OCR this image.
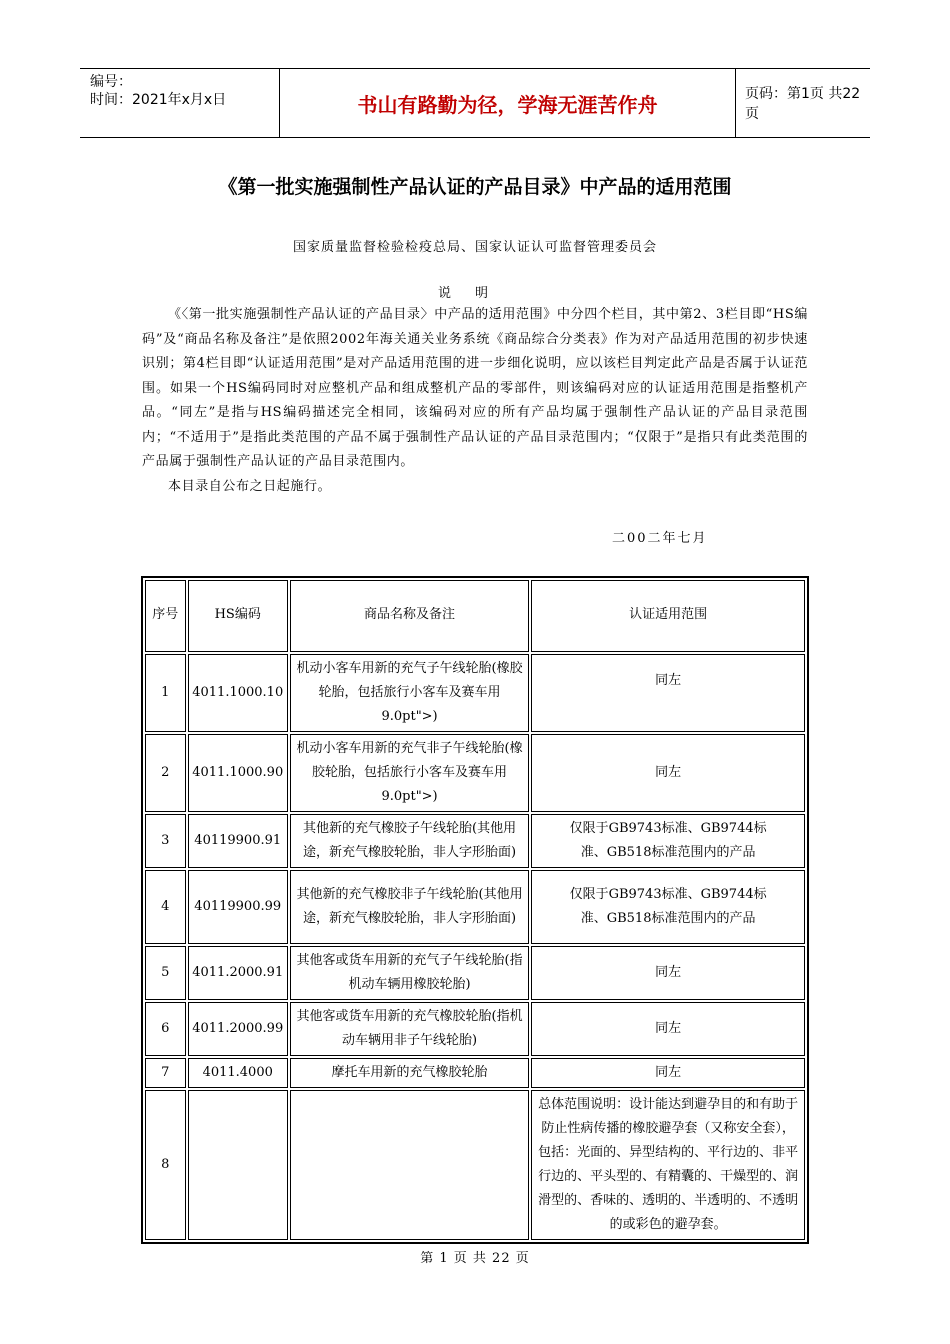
编号：
时间：2021年x月x日	书山有路勤为径，学海无涯苦作舟	页码：第1页 共22页
《第一批实施强制性产品认证的产品目录》中产品的适用范围
国家质量监督检验检疫总局、国家认证认可监督管理委员会
说明

《〈第一批实施强制性产品认证的产品目录〉中产品的适用范围》中分四个栏目，其中第2、3栏目即“HS编码”及“商品名称及备注”是依照2002年海关通关业务系统《商品综合分类表》作为对产品适用范围的初步快速识别；第4栏目即“认证适用范围”是对产品适用范围的进一步细化说明，应以该栏目判定此产品是否属于认证范围。如果一个HS编码同时对应整机产品和组成整机产品的零部件，则该编码对应的认证适用范围是指整机产品。“同左”是指与HS编码描述完全相同，该编码对应的所有产品均属于强制性产品认证的产品目录范围内；“不适用于”是指此类范围的产品不属于强制性产品认证的产品目录范围内；“仅限于”是指只有此类范围的产品属于强制性产品认证的产品目录范围内。

本目录自公布之日起施行。

二00二年七月
序号	HS编码	商品名称及备注	认证适用范围
1	4011.1000.10	机动小客车用新的充气子午线轮胎(橡胶轮胎，包括旅行小客车及赛车用9.0pt">)	同左
2	4011.1000.90	机动小客车用新的充气非子午线轮胎(橡胶轮胎，包括旅行小客车及赛车用9.0pt">)	同左
3	40119900.91	其他新的充气橡胶子午线轮胎(其他用途，新充气橡胶轮胎，非人字形胎面)	仅限于GB9743标准、GB9744标准、GB518标准范围内的产品
4	40119900.99	其他新的充气橡胶非子午线轮胎(其他用途，新充气橡胶轮胎，非人字形胎面)	仅限于GB9743标准、GB9744标准、GB518标准范围内的产品
5	4011.2000.91	其他客或货车用新的充气子午线轮胎(指机动车辆用橡胶轮胎)	同左
6	4011.2000.99	其他客或货车用新的充气橡胶轮胎(指机动车辆用非子午线轮胎)	同左
7	4011.4000	摩托车用新的充气橡胶轮胎	同左
8			总体范围说明：设计能达到避孕目的和有助于防止性病传播的橡胶避孕套（又称安全套），包括：光面的、异型结构的、平行边的、非平行边的、平头型的、有精囊的、干燥型的、润滑型的、香味的、透明的、半透明的、不透明的或彩色的避孕套。
第 1 页 共 22 页
